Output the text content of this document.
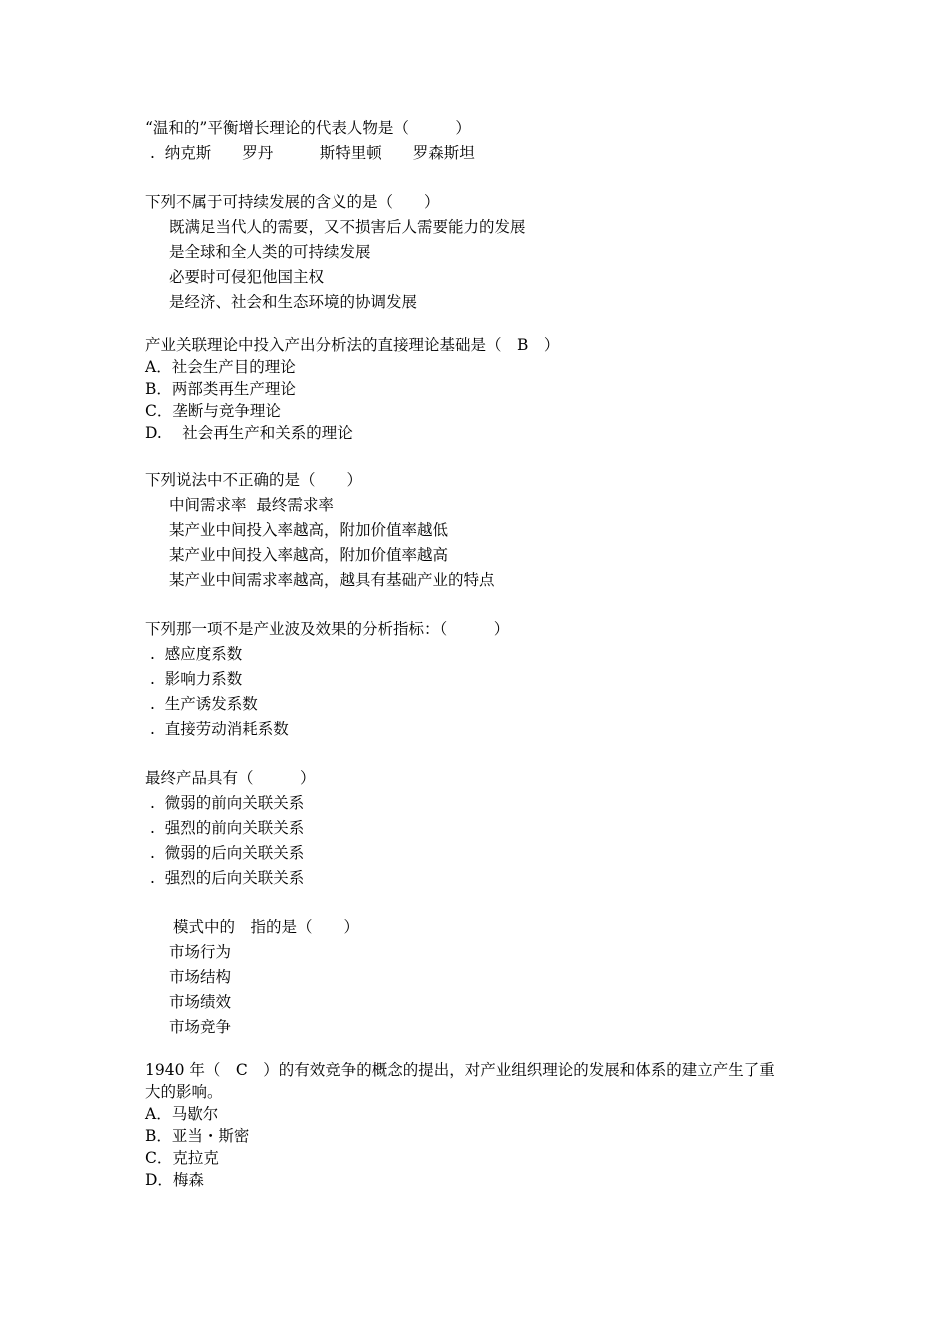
“温和的”平衡增长理论的代表人物是（　　　）
.  纳克斯　　罗丹　　　斯特里顿　　罗森斯坦
下列不属于可持续发展的含义的是（　　）
既满足当代人的需要，又不损害后人需要能力的发展
是全球和全人类的可持续发展
必要时可侵犯他国主权
是经济、社会和生态环境的协调发展
产业关联理论中投入产出分析法的直接理论基础是（　B　）
A．社会生产目的理论
B．两部类再生产理论
C．垄断与竞争理论
D.　 社会再生产和关系的理论
下列说法中不正确的是（　　）
中间需求率  最终需求率
某产业中间投入率越高，附加价值率越低
某产业中间投入率越高，附加价值率越高
某产业中间需求率越高，越具有基础产业的特点
下列那一项不是产业波及效果的分析指标：（　　　）
.  感应度系数
.  影响力系数
.  生产诱发系数
.  直接劳动消耗系数
最终产品具有（　　　）
.  微弱的前向关联关系
.  强烈的前向关联关系
.  微弱的后向关联关系
.  强烈的后向关联关系
模式中的　指的是（　　）
市场行为
市场结构
市场绩效
市场竞争
1940 年（　C　）的有效竞争的概念的提出，对产业组织理论的发展和体系的建立产生了重
大的影响。
A．马歇尔
B．亚当・斯密
C．克拉克
D．梅森
